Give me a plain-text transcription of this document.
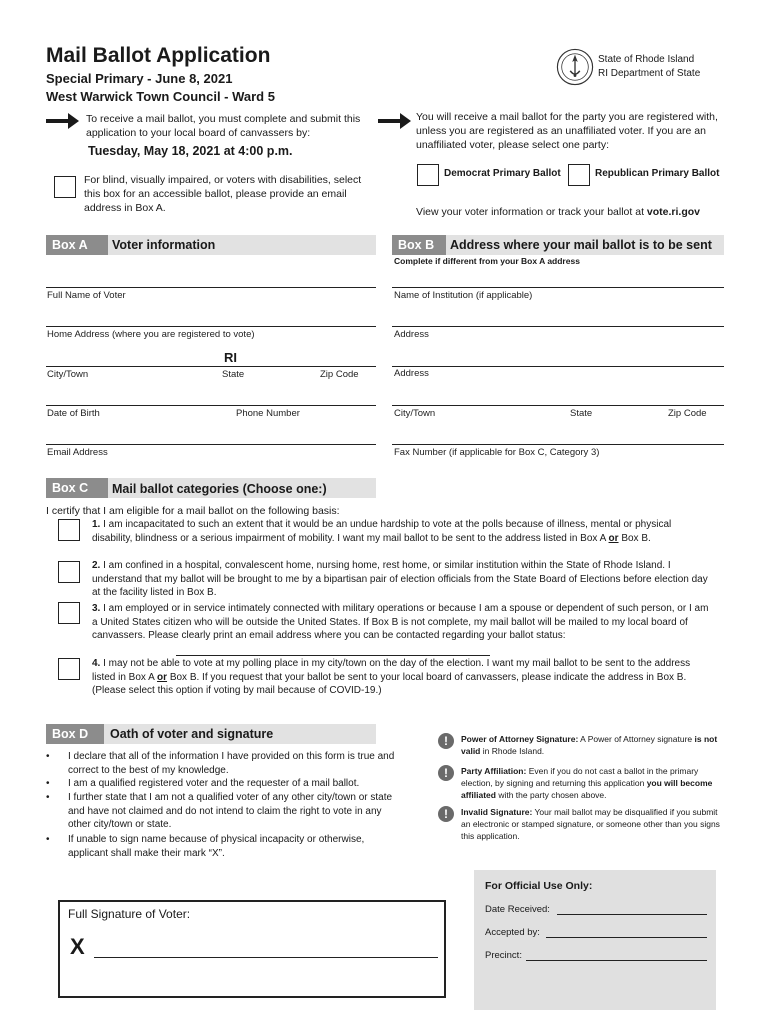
Mail Ballot Application
Special Primary - June 8, 2021
West Warwick Town Council - Ward 5
State of Rhode Island
RI Department of State
To receive a mail ballot, you must complete and submit this application to your local board of canvassers by:
Tuesday, May 18, 2021 at 4:00 p.m.
For blind, visually impaired, or voters with disabilities, select this box for an accessible ballot, please provide an email address in Box A.
You will receive a mail ballot for the party you are registered with, unless you are registered as an unaffiliated voter. If you are an unaffiliated voter, please select one party:
Democrat Primary Ballot	Republican Primary Ballot
View your voter information or track your ballot at vote.ri.gov
Box A	Voter information
Full Name of Voter
Home Address (where you are registered to vote)
RI
City/Town	State	Zip Code
Date of Birth	Phone Number
Email Address
Box B	Address where your mail ballot is to be sent
Complete if different from your Box A address
Name of Institution (if applicable)
Address
Address
City/Town	State	Zip Code
Fax Number (if applicable for Box C, Category 3)
Box C	Mail ballot categories (Choose one:)
I certify that I am eligible for a mail ballot on the following basis:
1. I am incapacitated to such an extent that it would be an undue hardship to vote at the polls because of illness, mental or physical disability, blindness or a serious impairment of mobility. I want my mail ballot to be sent to the address listed in Box A or Box B.
2. I am confined in a hospital, convalescent home, nursing home, rest home, or similar institution within the State of Rhode Island. I understand that my ballot will be brought to me by a bipartisan pair of election officials from the State Board of Elections before election day at the facility listed in Box B.
3. I am employed or in service intimately connected with military operations or because I am a spouse or dependent of such person, or I am a United States citizen who will be outside the United States. If Box B is not complete, my mail ballot will be mailed to my local board of canvassers. Please clearly print an email address where you can be contacted regarding your ballot status:
4. I may not be able to vote at my polling place in my city/town on the day of the election. I want my mail ballot to be sent to the address listed in Box A or Box B. If you request that your ballot be sent to your local board of canvassers, please indicate the address in Box B. (Please select this option if voting by mail because of COVID-19.)
Box D	Oath of voter and signature
• I declare that all of the information I have provided on this form is true and correct to the best of my knowledge.
• I am a qualified registered voter and the requester of a mail ballot.
• I further state that I am not a qualified voter of any other city/town or state and have not claimed and do not intend to claim the right to vote in any other city/town or state.
• If unable to sign name because of physical incapacity or otherwise, applicant shall make their mark “X”.
!	Power of Attorney Signature: A Power of Attorney signature is not valid in Rhode Island.
!	Party Affiliation: Even if you do not cast a ballot in the primary election, by signing and returning this application you will become affiliated with the party chosen above.
!	Invalid Signature: Your mail ballot may be disqualified if you submit an electronic or stamped signature, or someone other than you signs this application.
Full Signature of Voter:
X
For Official Use Only:
Date Received:
Accepted by:
Precinct:
